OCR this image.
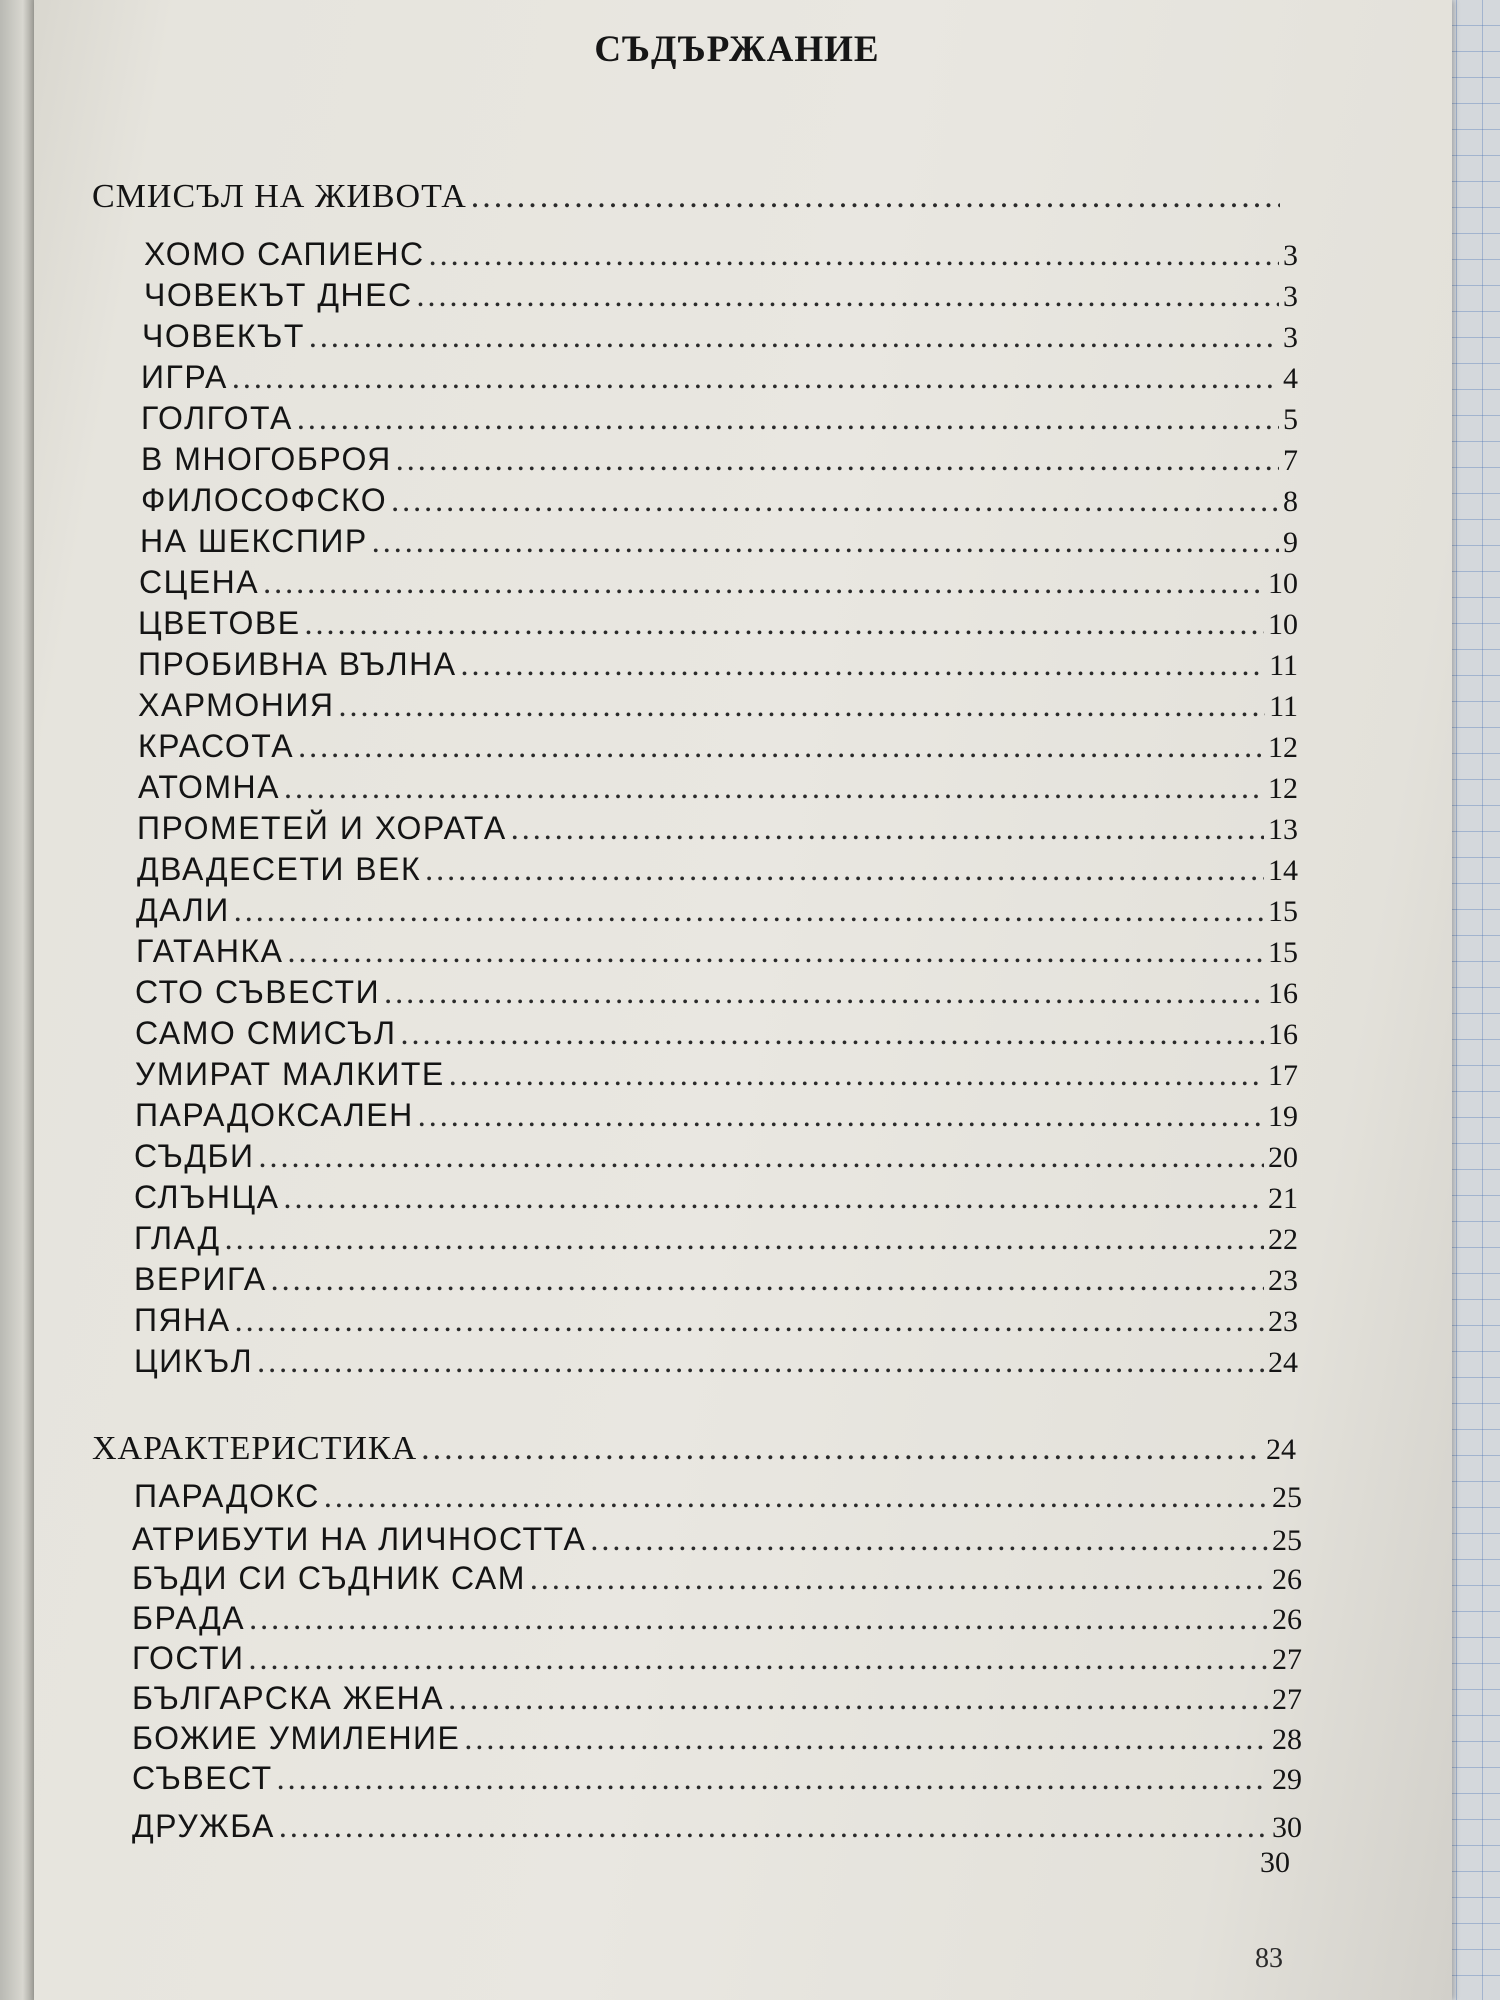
СЪДЪРЖАНИЕ
СМИСЪЛ НА ЖИВОТА
.....
ХОМО САПИЕНС .....	3
ЧОВЕКЪТ ДНЕС .....	3
ЧОВЕКЪТ .....	3
ИГРА .....	4
ГОЛГОТА .....	5
В МНОГОБРОЯ .....	7
ФИЛОСОФСКО .....	8
НА ШЕКСПИР .....	9
СЦЕНА .....	10
ЦВЕТОВЕ .....	10
ПРОБИВНА ВЪЛНА .....	11
ХАРМОНИЯ .....	11
КРАСОТА .....	12
АТОМНА .....	12
ПРОМЕТЕЙ И ХОРАТА .....	13
ДВАДЕСЕТИ ВЕК .....	14
ДАЛИ .....	15
ГАТАНКА .....	15
СТО СЪВЕСТИ .....	16
САМО СМИСЪЛ .....	16
УМИРАТ МАЛКИТЕ .....	17
ПАРАДОКСАЛЕН .....	19
СЪДБИ .....	20
СЛЪНЦА .....	21
ГЛАД .....	22
ВЕРИГА .....	23
ПЯНА .....	23
ЦИКЪЛ .....	24
ХАРАКТЕРИСТИКА .....	24
ПАРАДОКС .....	25
АТРИБУТИ НА ЛИЧНОСТТА .....	25
БЪДИ СИ СЪДНИК САМ .....	26
БРАДА .....	26
ГОСТИ .....	27
БЪЛГАРСКА ЖЕНА .....	27
БОЖИЕ УМИЛЕНИЕ .....	28
СЪВЕСТ .....	29
ДРУЖБА .....	30
30
83
